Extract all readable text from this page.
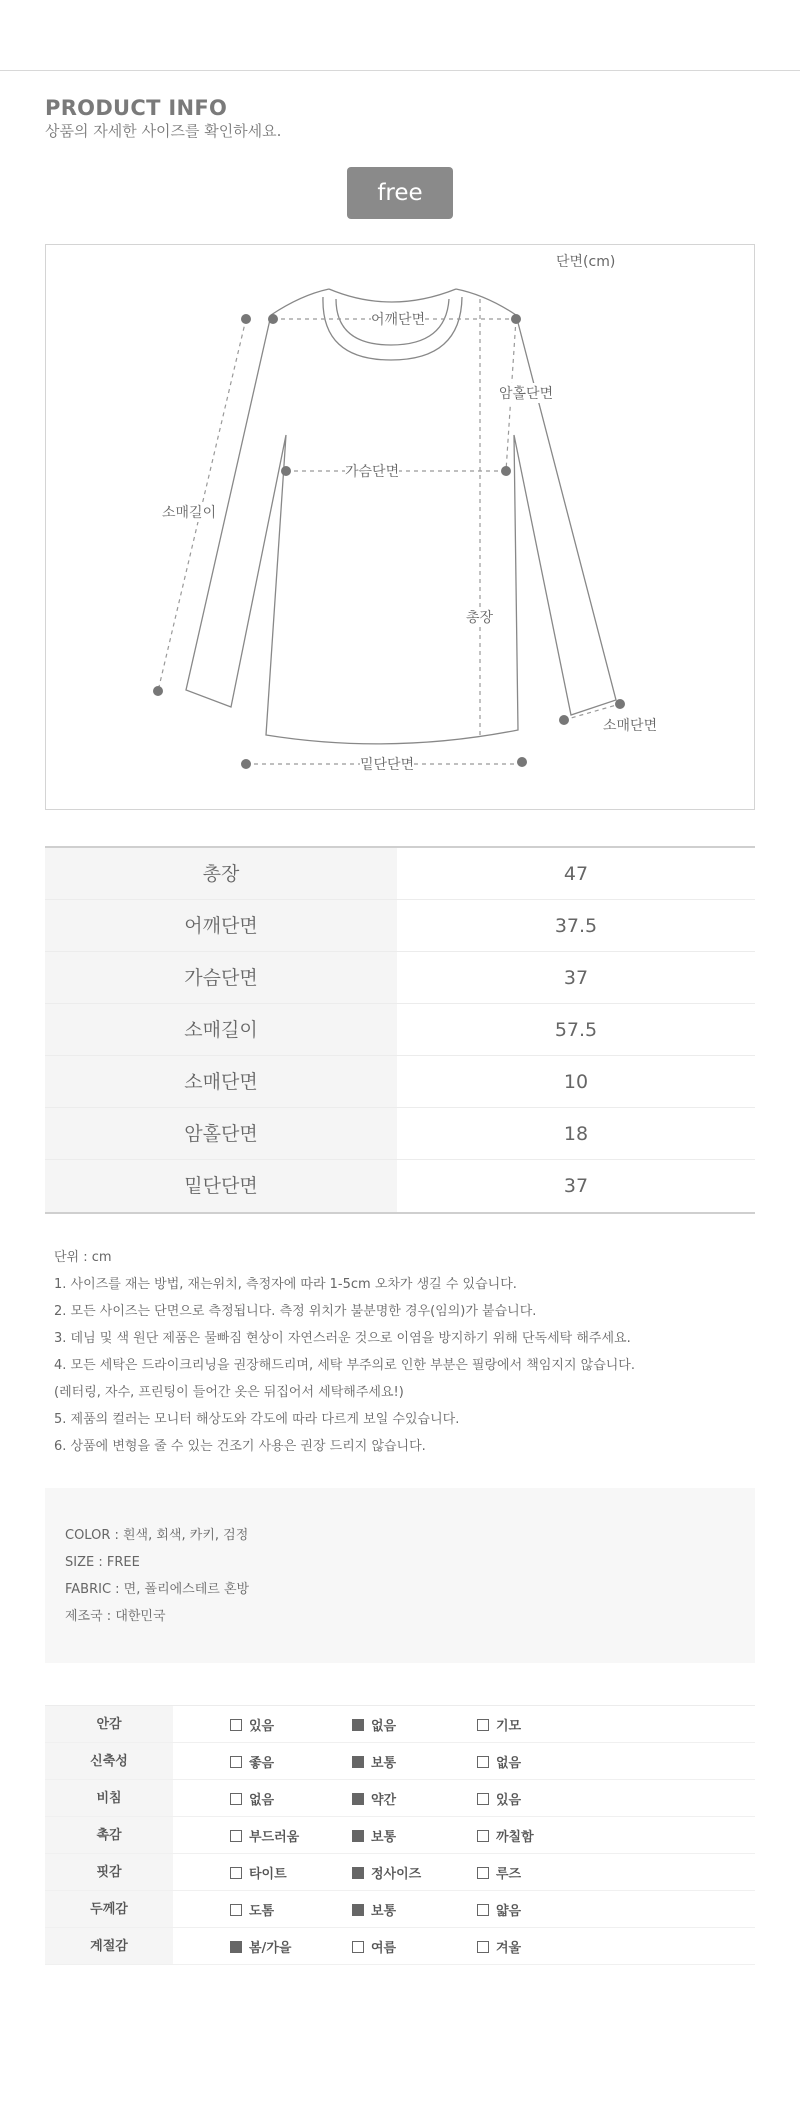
PRODUCT INFO
상품의 자세한 사이즈를 확인하세요.
free
단면(cm)
어깨단면
암홀단면
가슴단면
소매길이
총장
소매단면
밑단단면
총장	47
어깨단면	37.5
가슴단면	37
소매길이	57.5
소매단면	10
암홀단면	18
밑단단면	37
단위 : cm
1. 사이즈를 재는 방법, 재는위치, 측정자에 따라 1-5cm 오차가 생길 수 있습니다.
2. 모든 사이즈는 단면으로 측정됩니다. 측정 위치가 불분명한 경우(임의)가 붙습니다.
3. 데님 및 색 원단 제품은 물빠짐 현상이 자연스러운 것으로 이염을 방지하기 위해 단독세탁 해주세요.
4. 모든 세탁은 드라이크리닝을 권장해드리며, 세탁 부주의로 인한 부분은 필랑에서 책임지지 않습니다.
(레터링, 자수, 프린팅이 들어간 옷은 뒤집어서 세탁해주세요!)
5. 제품의 컬러는 모니터 해상도와 각도에 따라 다르게 보일 수있습니다.
6. 상품에 변형을 줄 수 있는 건조기 사용은 권장 드리지 않습니다.
COLOR : 흰색, 회색, 카키, 검정
SIZE : FREE
FABRIC : 면, 폴리에스테르 혼방
제조국 : 대한민국
안감	있음	없음	기모
신축성	좋음	보통	없음
비침	없음	약간	있음
촉감	부드러움	보통	까칠함
핏감	타이트	정사이즈	루즈
두께감	도톰	보통	얇음
계절감	봄/가을	여름	겨울
